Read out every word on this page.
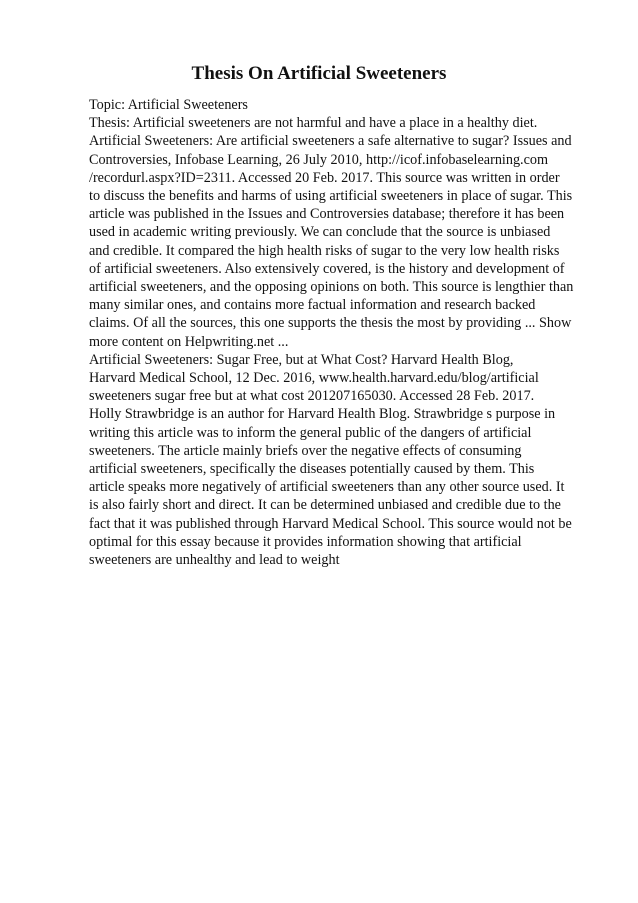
Thesis On Artificial Sweeteners
Topic: Artificial Sweeteners
Thesis: Artificial sweeteners are not harmful and have a place in a healthy diet.
Artificial Sweeteners: Are artificial sweeteners a safe alternative to sugar? Issues and
Controversies, Infobase Learning, 26 July 2010, http://icof.infobaselearning.com
/recordurl.aspx?ID=2311. Accessed 20 Feb. 2017. This source was written in order
to discuss the benefits and harms of using artificial sweeteners in place of sugar. This
article was published in the Issues and Controversies database; therefore it has been
used in academic writing previously. We can conclude that the source is unbiased
and credible. It compared the high health risks of sugar to the very low health risks
of artificial sweeteners. Also extensively covered, is the history and development of
artificial sweeteners, and the opposing opinions on both. This source is lengthier than
many similar ones, and contains more factual information and research backed
claims. Of all the sources, this one supports the thesis the most by providing ... Show
more content on Helpwriting.net ...
Artificial Sweeteners: Sugar Free, but at What Cost? Harvard Health Blog,
Harvard Medical School, 12 Dec. 2016, www.health.harvard.edu/blog/artificial
sweeteners sugar free but at what cost 201207165030. Accessed 28 Feb. 2017.
Holly Strawbridge is an author for Harvard Health Blog. Strawbridge s purpose in
writing this article was to inform the general public of the dangers of artificial
sweeteners. The article mainly briefs over the negative effects of consuming
artificial sweeteners, specifically the diseases potentially caused by them. This
article speaks more negatively of artificial sweeteners than any other source used. It
is also fairly short and direct. It can be determined unbiased and credible due to the
fact that it was published through Harvard Medical School. This source would not be
optimal for this essay because it provides information showing that artificial
sweeteners are unhealthy and lead to weight
